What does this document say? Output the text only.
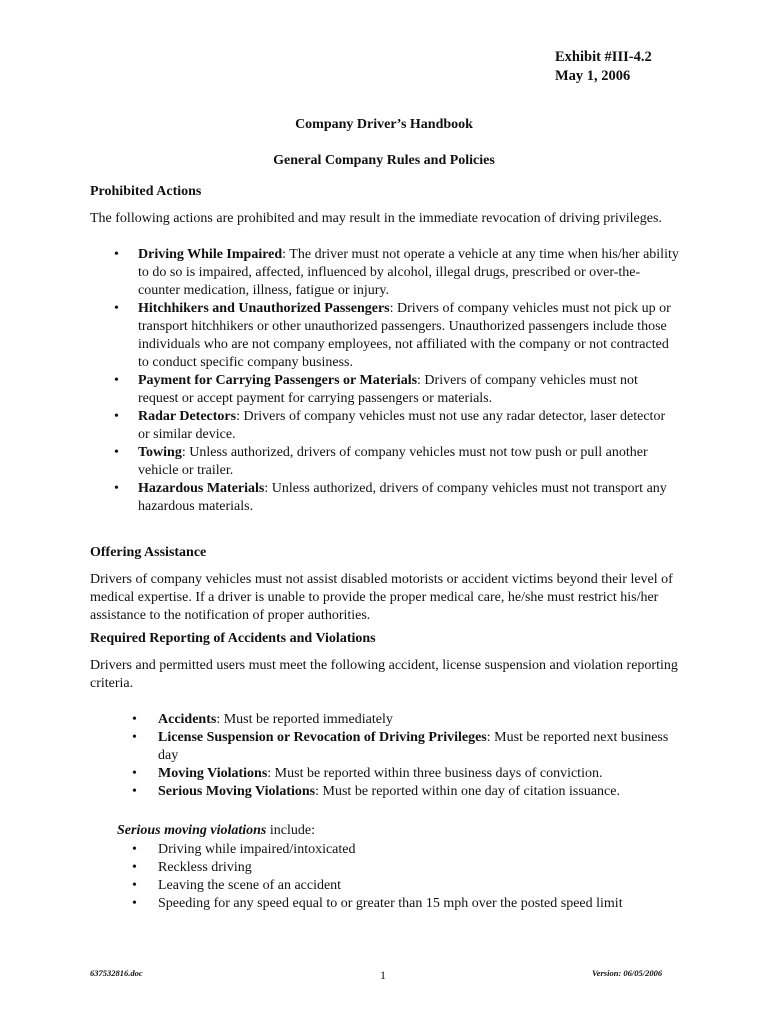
Exhibit #III-4.2
May 1, 2006
Company Driver’s Handbook
General Company Rules and Policies
Prohibited Actions

The following actions are prohibited and may result in the immediate revocation of driving privileges.

• Driving While Impaired: The driver must not operate a vehicle at any time when his/her ability to do so is impaired, affected, influenced by alcohol, illegal drugs, prescribed or over-the-counter medication, illness, fatigue or injury.
• Hitchhikers and Unauthorized Passengers: Drivers of company vehicles must not pick up or transport hitchhikers or other unauthorized passengers. Unauthorized passengers include those individuals who are not company employees, not affiliated with the company or not contracted to conduct specific company business.
• Payment for Carrying Passengers or Materials: Drivers of company vehicles must not request or accept payment for carrying passengers or materials.
• Radar Detectors: Drivers of company vehicles must not use any radar detector, laser detector or similar device.
• Towing: Unless authorized, drivers of company vehicles must not tow push or pull another vehicle or trailer.
• Hazardous Materials: Unless authorized, drivers of company vehicles must not transport any hazardous materials.
Offering Assistance

Drivers of company vehicles must not assist disabled motorists or accident victims beyond their level of medical expertise. If a driver is unable to provide the proper medical care, he/she must restrict his/her assistance to the notification of proper authorities.

Required Reporting of Accidents and Violations

Drivers and permitted users must meet the following accident, license suspension and violation reporting criteria.

• Accidents: Must be reported immediately
• License Suspension or Revocation of Driving Privileges: Must be reported next business day
• Moving Violations: Must be reported within three business days of conviction.
• Serious Moving Violations: Must be reported within one day of citation issuance.
Serious moving violations include:
• Driving while impaired/intoxicated
• Reckless driving
• Leaving the scene of an accident
• Speeding for any speed equal to or greater than 15 mph over the posted speed limit
637532816.doc	1	Version: 06/05/2006
